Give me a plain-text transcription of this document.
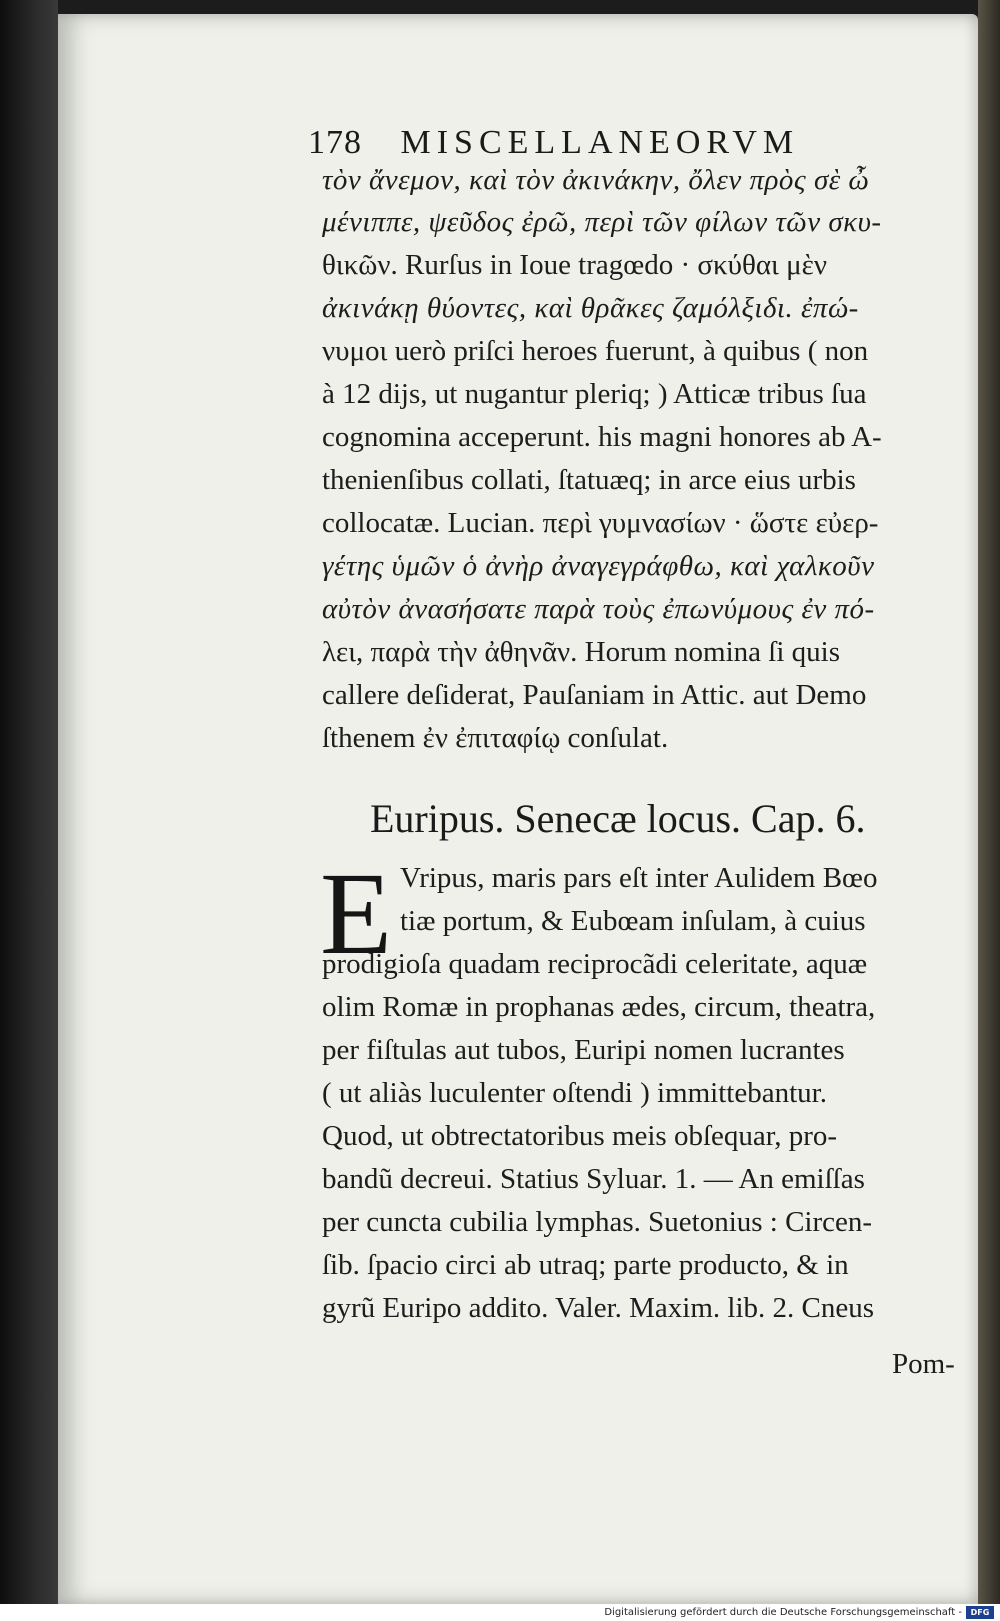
178 MISCELLANEORVM
τὸν ἄνεμον, καὶ τὸν ἀκινάκην, ὄλεν πρὸς σὲ ὦ
μένιππε, ψεῦδος ἐρῶ, περὶ τῶν φίλων τῶν σκυ-
θικῶν. Rurſus in Ioue tragœdo · σκύθαι μὲν
ἀκινάκῃ θύοντες, καὶ θρᾶκες ζαμόλξιδι. ἐπώ-
νυμοι uerò priſci heroes fuerunt, à quibus ( non
à 12 dijs, ut nugantur pleriq; ) Atticæ tribus ſua
cognomina acceperunt. his magni honores ab A-
thenienſibus collati, ſtatuæq; in arce eius urbis
collocatæ. Lucian. περὶ γυμνασίων · ὥστε εὐερ-
γέτης ὑμῶν ὁ ἀνὴρ ἀναγεγράφθω, καὶ χαλκοῦν
αὐτὸν ἀνασήσατε παρὰ τοὺς ἐπωνύμους ἐν πό-
λει, παρὰ τὴν ἀθηνᾶν. Horum nomina ſi quis
callere deſiderat, Pauſaniam in Attic. aut Demo
ſthenem ἐν ἐπιταφίῳ conſulat.
Euripus. Senecæ locus. Cap. 6.
E Vripus, maris pars eſt inter Aulidem Bœo
tiæ portum, & Eubœam inſulam, à cuius
prodigioſa quadam reciprocãdi celeritate, aquæ
olim Romæ in prophanas ædes, circum, theatra,
per fiſtulas aut tubos, Euripi nomen lucrantes
( ut aliàs luculenter oſtendi ) immittebantur.
Quod, ut obtrectatoribus meis obſequar, pro-
bandũ decreui. Statius Syluar. 1. — An emiſſas
per cuncta cubilia lymphas. Suetonius : Circen-
ſib. ſpacio circi ab utraq; parte producto, & in
gyrũ Euripo addito. Valer. Maxim. lib. 2. Cneus
Pom-
Digitalisierung gefördert durch die Deutsche Forschungsgemeinschaft -	DFG
